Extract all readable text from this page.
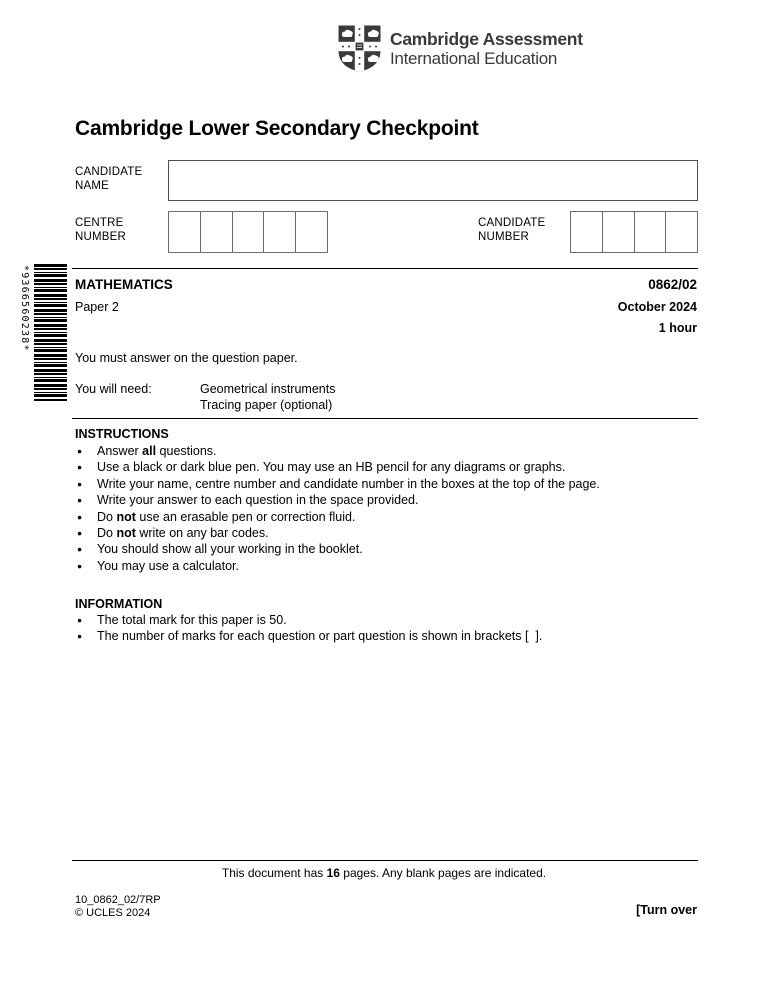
Cambridge Assessment
International Education
Cambridge Lower Secondary Checkpoint
CANDIDATE
NAME
CENTRE
NUMBER
CANDIDATE
NUMBER
*9366560238*	MATHEMATICS	0862/02
Paper 2	October 2024
1 hour
You must answer on the question paper.
You will need:	Geometrical instruments
Tracing paper (optional)
INSTRUCTIONS
● Answer all questions.
● Use a black or dark blue pen. You may use an HB pencil for any diagrams or graphs.
● Write your name, centre number and candidate number in the boxes at the top of the page.
● Write your answer to each question in the space provided.
● Do not use an erasable pen or correction fluid.
● Do not write on any bar codes.
● You should show all your working in the booklet.
● You may use a calculator.
INFORMATION
● The total mark for this paper is 50.
● The number of marks for each question or part question is shown in brackets [  ].
This document has 16 pages. Any blank pages are indicated.
10_0862_02/7RP
© UCLES 2024	[Turn over
